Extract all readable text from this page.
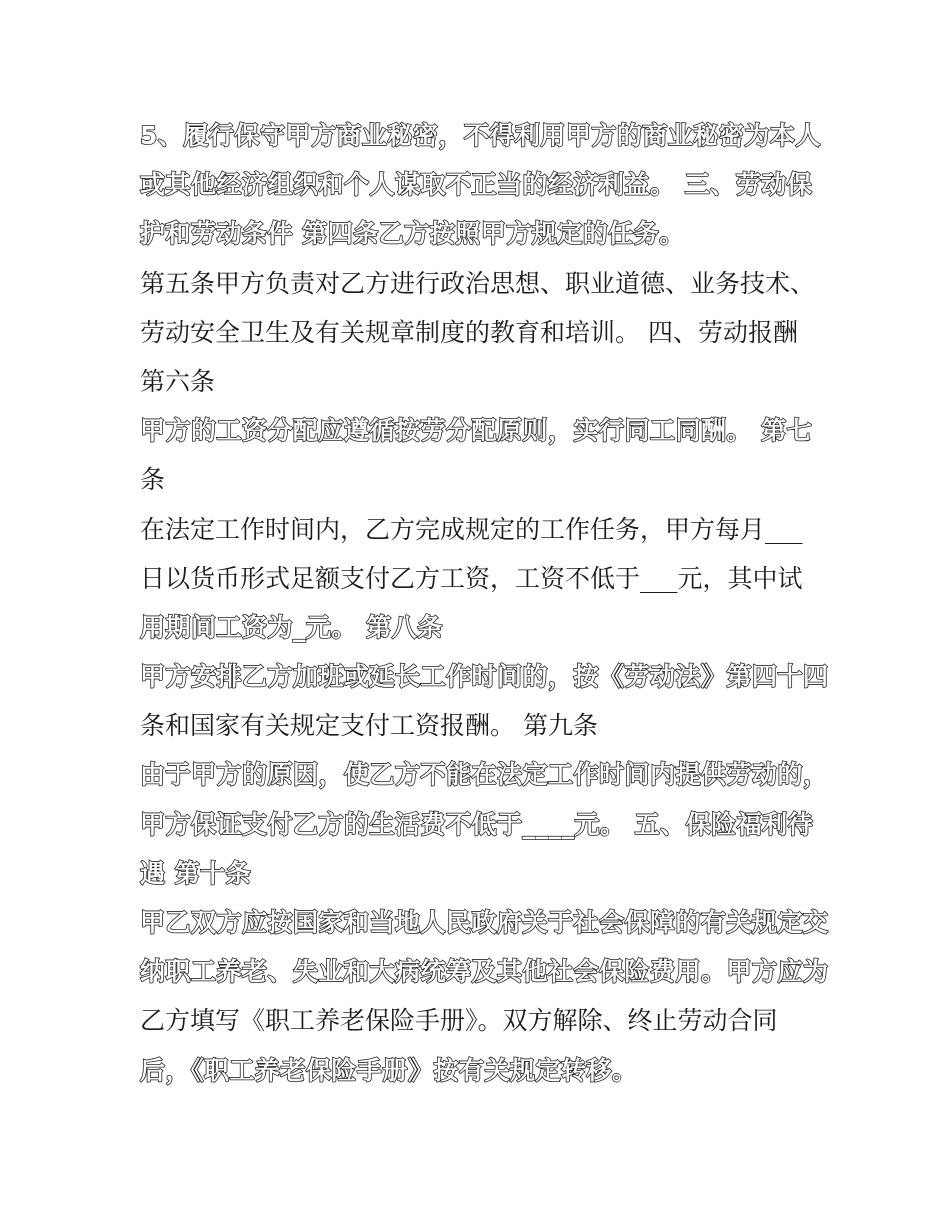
5、履行保守甲方商业秘密，不得利用甲方的商业秘密为本人
或其他经济组织和个人谋取不正当的经济利益。 三、劳动保
护和劳动条件 第四条乙方按照甲方规定的任务。
第五条甲方负责对乙方进行政治思想、职业道德、业务技术、
劳动安全卫生及有关规章制度的教育和培训。 四、劳动报酬
第六条
甲方的工资分配应遵循按劳分配原则，实行同工同酬。 第七
条
在法定工作时间内，乙方完成规定的工作任务，甲方每月___
日以货币形式足额支付乙方工资，工资不低于___元，其中试
用期间工资为_元。 第八条
甲方安排乙方加班或延长工作时间的，按《劳动法》第四十四
条和国家有关规定支付工资报酬。 第九条
由于甲方的原因，使乙方不能在法定工作时间内提供劳动的，
甲方保证支付乙方的生活费不低于____元。 五、保险福利待
遇 第十条
甲乙双方应按国家和当地人民政府关于社会保障的有关规定交
纳职工养老、失业和大病统筹及其他社会保险费用。甲方应为
乙方填写《职工养老保险手册》。双方解除、终止劳动合同
后，《职工养老保险手册》按有关规定转移。
